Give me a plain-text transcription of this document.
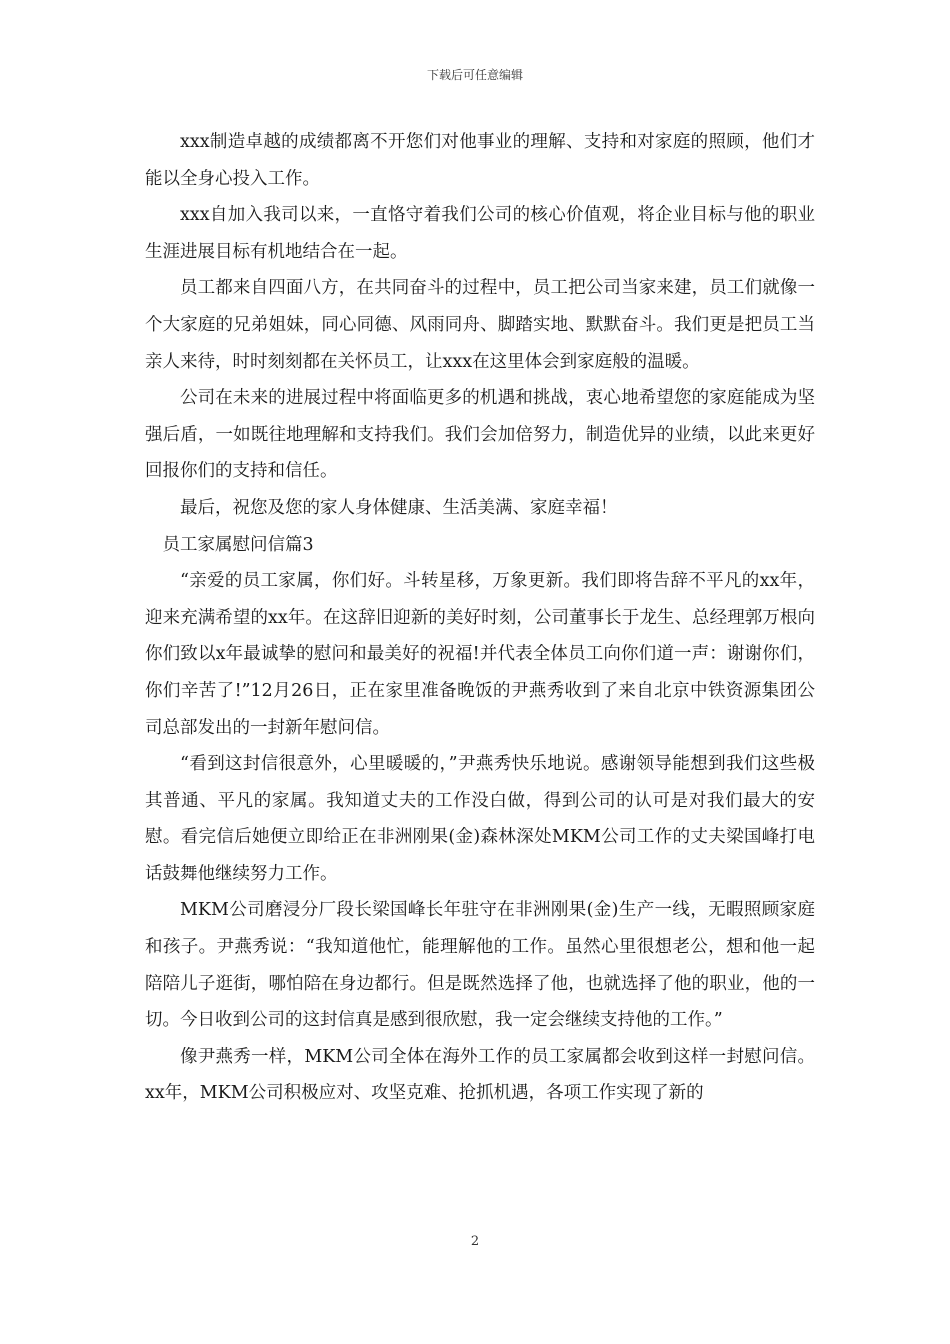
下载后可任意编辑

xxx制造卓越的成绩都离不开您们对他事业的理解、支持和对家庭的照顾，他们才能以全身心投入工作。

xxx自加入我司以来，一直恪守着我们公司的核心价值观，将企业目标与他的职业生涯进展目标有机地结合在一起。

员工都来自四面八方，在共同奋斗的过程中，员工把公司当家来建，员工们就像一个大家庭的兄弟姐妹，同心同德、风雨同舟、脚踏实地、默默奋斗。我们更是把员工当亲人来待，时时刻刻都在关怀员工，让xxx在这里体会到家庭般的温暖。

公司在未来的进展过程中将面临更多的机遇和挑战，衷心地希望您的家庭能成为坚强后盾，一如既往地理解和支持我们。我们会加倍努力，制造优异的业绩，以此来更好回报你们的支持和信任。

最后，祝您及您的家人身体健康、生活美满、家庭幸福！

员工家属慰问信篇3

“亲爱的员工家属，你们好。斗转星移，万象更新。我们即将告辞不平凡的xx年，迎来充满希望的xx年。在这辞旧迎新的美好时刻，公司董事长于龙生、总经理郭万根向你们致以x年最诚挚的慰问和最美好的祝福!并代表全体员工向你们道一声：谢谢你们，你们辛苦了!”12月26日，正在家里准备晚饭的尹燕秀收到了来自北京中铁资源集团公司总部发出的一封新年慰问信。

“看到这封信很意外，心里暖暖的，”尹燕秀快乐地说。感谢领导能想到我们这些极其普通、平凡的家属。我知道丈夫的工作没白做，得到公司的认可是对我们最大的安慰。看完信后她便立即给正在非洲刚果(金)森林深处MKM公司工作的丈夫梁国峰打电话鼓舞他继续努力工作。

MKM公司磨浸分厂段长梁国峰长年驻守在非洲刚果(金)生产一线，无暇照顾家庭和孩子。尹燕秀说：“我知道他忙，能理解他的工作。虽然心里很想老公，想和他一起陪陪儿子逛街，哪怕陪在身边都行。但是既然选择了他，也就选择了他的职业，他的一切。今日收到公司的这封信真是感到很欣慰，我一定会继续支持他的工作。”

像尹燕秀一样，MKM公司全体在海外工作的员工家属都会收到这样一封慰问信。xx年，MKM公司积极应对、攻坚克难、抢抓机遇，各项工作实现了新的

2
